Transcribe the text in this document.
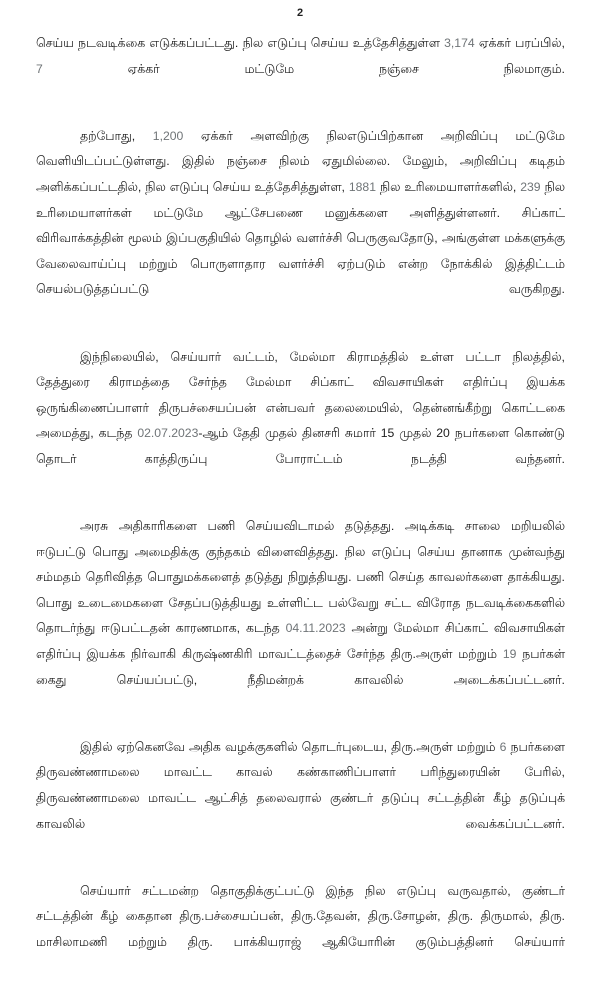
2

செய்ய நடவடிக்கை எடுக்கப்பட்டது. நில எடுப்பு செய்ய உத்தேசித்துள்ள 3,174 ஏக்கர் பரப்பில், 7 ஏக்கர் மட்டுமே நஞ்சை நிலமாகும்.

தற்போது, 1,200 ஏக்கர் அளவிற்கு நிலஎடுப்பிற்கான அறிவிப்பு மட்டுமே வெளியிடப்பட்டுள்ளது. இதில் நஞ்சை நிலம் ஏதுமில்லை. மேலும், அறிவிப்பு கடிதம் அளிக்கப்பட்டதில், நில எடுப்பு செய்ய உத்தேசித்துள்ள, 1881 நில உரிமையாளர்களில், 239 நில உரிமையாளர்கள் மட்டுமே ஆட்சேபணை மனுக்களை அளித்துள்ளனர். சிப்காட் விரிவாக்கத்தின் மூலம் இப்பகுதியில் தொழில் வளர்ச்சி பெருகுவதோடு, அங்குள்ள மக்களுக்கு வேலைவாய்ப்பு மற்றும் பொருளாதார வளர்ச்சி ஏற்படும் என்ற நோக்கில் இத்திட்டம் செயல்படுத்தப்பட்டு வருகிறது.

இந்நிலையில், செய்யார் வட்டம், மேல்மா கிராமத்தில் உள்ள பட்டா நிலத்தில், தேத்துரை கிராமத்தை சேர்ந்த மேல்மா சிப்காட் விவசாயிகள் எதிர்ப்பு இயக்க ஒருங்கிணைப்பாளர் திருபச்சையப்பன் என்பவர் தலைமையில், தென்னங்கீற்று கொட்டகை அமைத்து, கடந்த 02.07.2023-ஆம் தேதி முதல் தினசரி சுமார் 15 முதல் 20 நபர்களை கொண்டு தொடர் காத்திருப்பு போராட்டம் நடத்தி வந்தனர்.

அரசு அதிகாரிகளை பணி செய்யவிடாமல் தடுத்தது. அடிக்கடி சாலை மறியலில் ஈடுபட்டு பொது அமைதிக்கு குந்தகம் விளைவித்தது. நில எடுப்பு செய்ய தானாக முன்வந்து சம்மதம் தெரிவித்த பொதுமக்களைத் தடுத்து நிறுத்தியது. பணி செய்த காவலர்களை தாக்கியது. பொது உடைமைகளை சேதப்படுத்தியது உள்ளிட்ட பல்வேறு சட்ட விரோத நடவடிக்கைகளில் தொடர்ந்து ஈடுபட்டதன் காரணமாக, கடந்த 04.11.2023 அன்று மேல்மா சிப்காட் விவசாயிகள் எதிர்ப்பு இயக்க நிர்வாகி கிருஷ்ணகிரி மாவட்டத்தைச் சேர்ந்த திரு.அருள் மற்றும் 19 நபர்கள் கைது செய்யப்பட்டு, நீதிமன்றக் காவலில் அடைக்கப்பட்டனர்.

இதில் ஏற்கெனவே அதிக வழக்குகளில் தொடர்புடைய, திரு.அருள் மற்றும் 6 நபர்களை திருவண்ணாமலை மாவட்ட காவல் கண்காணிப்பாளர் பரிந்துரையின் பேரில், திருவண்ணாமலை மாவட்ட ஆட்சித் தலைவரால் குண்டர் தடுப்பு சட்டத்தின் கீழ் தடுப்புக் காவலில் வைக்கப்பட்டனர்.

செய்யார் சட்டமன்ற தொகுதிக்குட்பட்டு இந்த நில எடுப்பு வருவதால், குண்டர் சட்டத்தின் கீழ் கைதான திரு.பச்சையப்பன், திரு.தேவன், திரு.சோழன், திரு. திருமால், திரு. மாசிலாமணி மற்றும் திரு. பாக்கியராஜ் ஆகியோரின் குடும்பத்தினர் செய்யார்
